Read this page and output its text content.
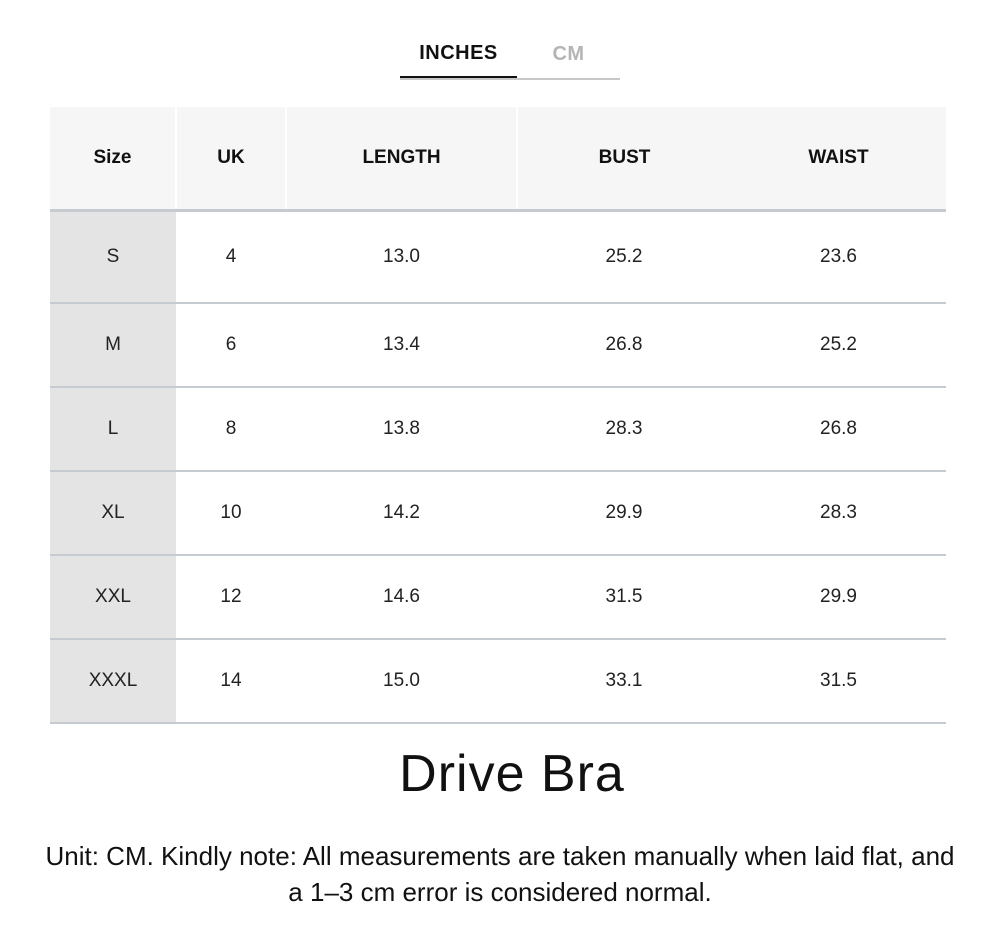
INCHES	CM
Size	UK	LENGTH	BUST	WAIST
S	4	13.0	25.2	23.6
M	6	13.4	26.8	25.2
L	8	13.8	28.3	26.8
XL	10	14.2	29.9	28.3
XXL	12	14.6	31.5	29.9
XXXL	14	15.0	33.1	31.5
Drive Bra
Unit: CM. Kindly note: All measurements are taken manually when laid flat, and a 1–3 cm error is considered normal.
